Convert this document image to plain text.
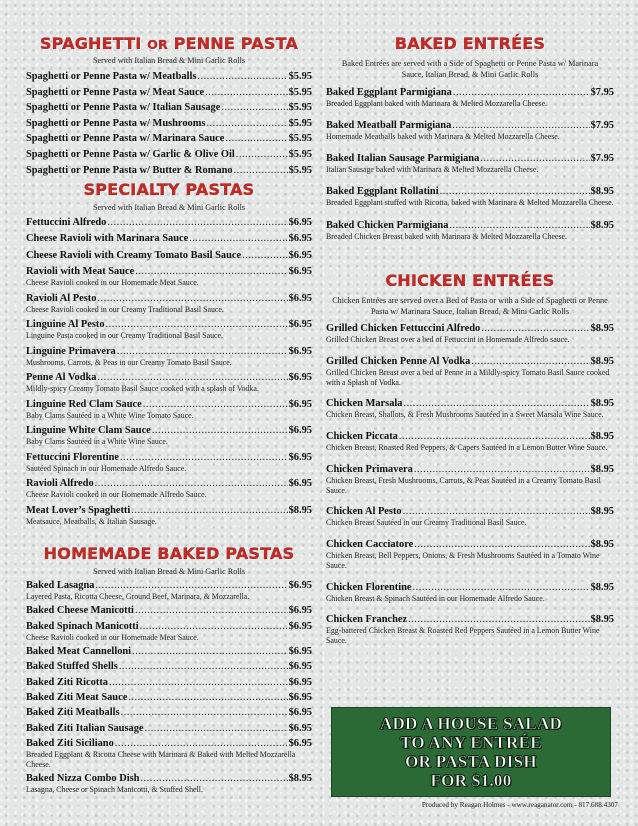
SPAGHETTI OR PENNE PASTA
Served with Italian Bread & Mini Garlic Rolls
Spaghetti or Penne Pasta w/ Meatballs .....	$5.95
Spaghetti or Penne Pasta w/ Meat Sauce .....	$5.95
Spaghetti or Penne Pasta w/ Italian Sausage .....	$5.95
Spaghetti or Penne Pasta w/ Mushrooms .....	$5.95
Spaghetti or Penne Pasta w/ Marinara Sauce .....	$5.95
Spaghetti or Penne Pasta w/ Garlic & Olive Oil .....	$5.95
Spaghetti or Penne Pasta w/ Butter & Romano .....	$5.95
SPECIALTY PASTAS
Served with Italian Bread & Mini Garlic Rolls
Fettuccini Alfredo .....	$6.95
Cheese Ravioli with Marinara Sauce .....	$6.95
Cheese Ravioli with Creamy Tomato Basil Sauce .....	$6.95
Ravioli with Meat Sauce .....	$6.95
Cheese Ravioli cooked in our Homemade Meat Sauce.
Ravioli Al Pesto .....	$6.95
Cheese Ravioli cooked in our Creamy Traditional Basil Sauce.
Linguine Al Pesto .....	$6.95
Linguine Pasta cooked in our Creamy Traditional Basil Sauce.
Linguine Primavera .....	$6.95
Mushrooms, Carrots, & Peas in our Creamy Tomato Basil Sauce.
Penne Al Vodka .....	$6.95
Mildly-spicy Creamy Tomato Basil Sauce cooked with a splash of Vodka.
Linguine Red Clam Sauce .....	$6.95
Baby Clams Sautéed in a White Wine Tomato Sauce.
Linguine White Clam Sauce .....	$6.95
Baby Clams Sautéed in a White Wine Sauce.
Fettuccini Florentine .....	$6.95
Sautéed Spinach in our Homemade Alfredo Sauce.
Ravioli Alfredo .....	$6.95
Cheese Ravioli cooked in our Homemade Alfredo Sauce.
Meat Lover’s Spaghetti .....	$8.95
Meatsauce, Meatballs, & Italian Sausage.
HOMEMADE BAKED PASTAS
Served with Italian Bread & Mini Garlic Rolls
Baked Lasagna .....	$6.95
Layered Pasta, Ricotta Cheese, Ground Beef, Marinara, & Mozzarella.
Baked Cheese Manicotti .....	$6.95
Baked Spinach Manicotti .....	$6.95
Cheese Ravioli cooked in our Homemade Meat Sauce.
Baked Meat Cannelloni .....	$6.95
Baked Stuffed Shells .....	$6.95
Baked Ziti Ricotta .....	$6.95
Baked Ziti Meat Sauce .....	$6.95
Baked Ziti Meatballs .....	$6.95
Baked Ziti Italian Sausage .....	$6.95
Baked Ziti Siciliano .....	$6.95
Breaded Eggplant & Ricotta Cheese with Marinara & Baked with Melted Mozzarella Cheese.
Baked Nizza Combo Dish .....	$8.95
Lasagna, Cheese or Spinach Manicotti, & Stuffed Shell.
BAKED ENTRÉES
Baked Entrées are served with a Side of Spaghetti or Penne Pasta w/ Marinara Sauce, Italian Bread, & Mini Garlic Rolls
Baked Eggplant Parmigiana .....	$7.95
Breaded Eggplant baked with Marinara & Melted Mozzarella Cheese.
Baked Meatball Parmigiana .....	$7.95
Homemade Meatballs baked with Marinara & Melted Mozzarella Cheese.
Baked Italian Sausage Parmigiana .....	$7.95
Italian Sausage baked with Marinara & Melted Mozzarella Cheese.
Baked Eggplant Rollatini .....	$8.95
Breaded Eggplant stuffed with Ricotta, baked with Marinara & Melted Mozzarella Cheese.
Baked Chicken Parmigiana .....	$8.95
Breaded Chicken Breast baked with Marinara & Melted Mozzarella Cheese.
CHICKEN ENTRÉES
Chicken Entrées are served over a Bed of Pasta or with a Side of Spaghetti or Penne Pasta w/ Marinara Sauce, Italian Bread, & Mini Garlic Rolls
Grilled Chicken Fettuccini Alfredo .....	$8.95
Grilled Chicken Breast over a bed of Fettuccini in Homemade Alfredo sauce.
Grilled Chicken Penne Al Vodka .....	$8.95
Grilled Chicken Breast over a bed of Penne in a Mildly-spicy Tomato Basil Sauce cooked with a Splash of Vodka.
Chicken Marsala .....	$8.95
Chicken Breast, Shallots, & Fresh Mushrooms Sautéed in a Sweet Marsala Wine Sauce.
Chicken Piccata .....	$8.95
Chicken Breast, Roasted Red Peppers, & Capers Sautéed in a Lemon Butter Wine Sauce.
Chicken Primavera .....	$8.95
Chicken Breast, Fresh Mushrooms, Carrots, & Peas Sautéed in a Creamy Tomato Basil Sauce.
Chicken Al Pesto .....	$8.95
Chicken Breast Sautéed in our Creamy Traditional Basil Sauce.
Chicken Cacciatore .....	$8.95
Chicken Breast, Bell Peppers, Onions, & Fresh Mushrooms Sautéed in a Tomato Wine Sauce.
Chicken Florentine .....	$8.95
Chicken Breast & Spinach Sautéed in our Homemade Alfredo Sauce.
Chicken Franchez .....	$8.95
Egg-battered Chicken Breast & Roasted Red Peppers Sautéed in a Lemon Butter Wine Sauce.
ADD A HOUSE SALAD
TO ANY ENTRÉE
OR PASTA DISH
FOR $1.00
Produced by Reagan Holmes - www.reaganator.com - 817.688.4307
